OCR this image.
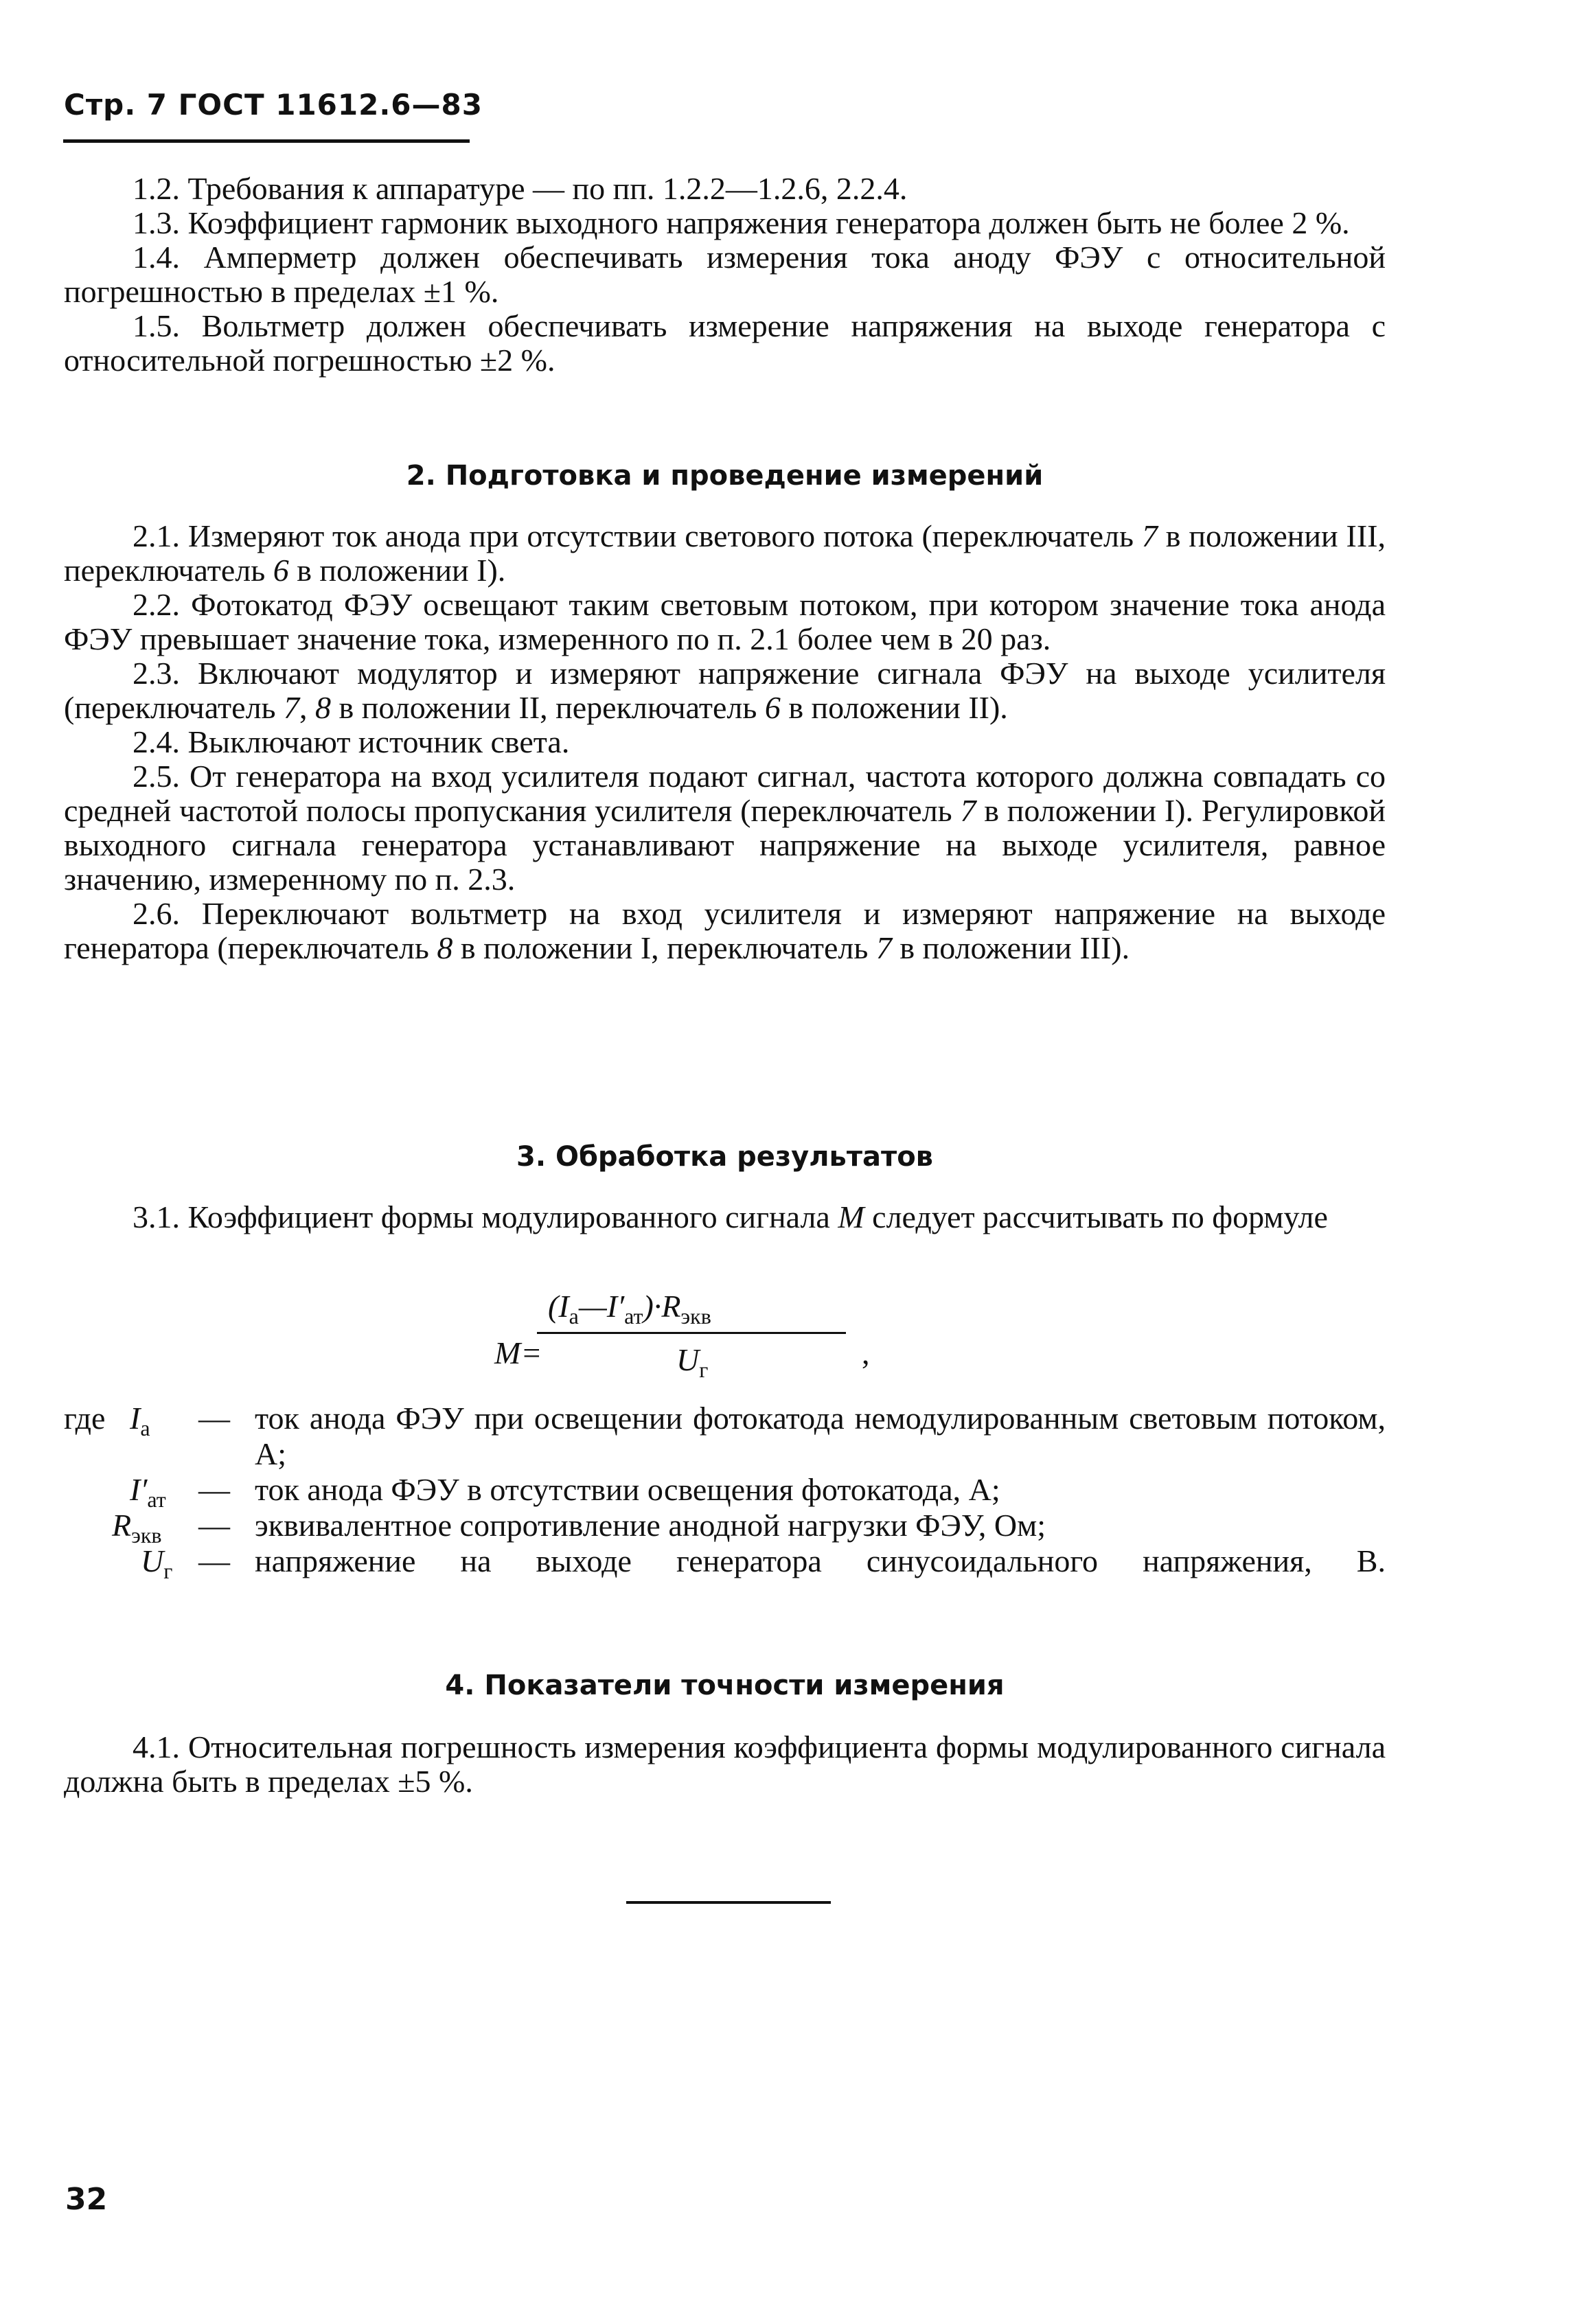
Стр. 7 ГОСТ 11612.6—83

1.2. Требования к аппаратуре — по пп. 1.2.2—1.2.6, 2.2.4.

1.3. Коэффициент гармоник выходного напряжения генератора должен быть не более 2 %.

1.4. Амперметр должен обеспечивать измерения тока аноду ФЭУ с относительной погрешностью в пределах ±1 %.

1.5. Вольтметр должен обеспечивать измерение напряжения на выходе генератора с относительной погрешностью ±2 %.

2. Подготовка и проведение измерений

2.1. Измеряют ток анода при отсутствии светового потока (переключатель 7 в положении III, переключатель 6 в положении I).

2.2. Фотокатод ФЭУ освещают таким световым потоком, при котором значение тока анода ФЭУ превышает значение тока, измеренного по п. 2.1 более чем в 20 раз.

2.3. Включают модулятор и измеряют напряжение сигнала ФЭУ на выходе усилителя (переключатель 7, 8 в положении II, переключатель 6 в положении II).

2.4. Выключают источник света.

2.5. От генератора на вход усилителя подают сигнал, частота которого должна совпадать со средней частотой полосы пропускания усилителя (переключатель 7 в положении I). Регулировкой выходного сигнала генератора устанавливают напряжение на выходе усилителя, равное значению, измеренному по п. 2.3.

2.6. Переключают вольтметр на вход усилителя и измеряют напряжение на выходе генератора (переключатель 8 в положении I, переключатель 7 в положении III).

3. Обработка результатов

3.1. Коэффициент формы модулированного сигнала M следует рассчитывать по формуле

M=
$(I_а—I'_{ат})\cdot R_{экв}$
$U_г$	,
где $I_а$ — ток анода ФЭУ при освещении фотокатода немодулированным световым потоком, А;
$I'_{ат}$ — ток анода ФЭУ в отсутствии освещения фотокатода, А;
$R_{экв}$ — эквивалентное сопротивление анодной нагрузки ФЭУ, Ом;
$U_г$ — напряжение на выходе генератора синусоидального напряжения, В.
4. Показатели точности измерения

4.1. Относительная погрешность измерения коэффициента формы модулированного сигнала должна быть в пределах ±5 %.

32
